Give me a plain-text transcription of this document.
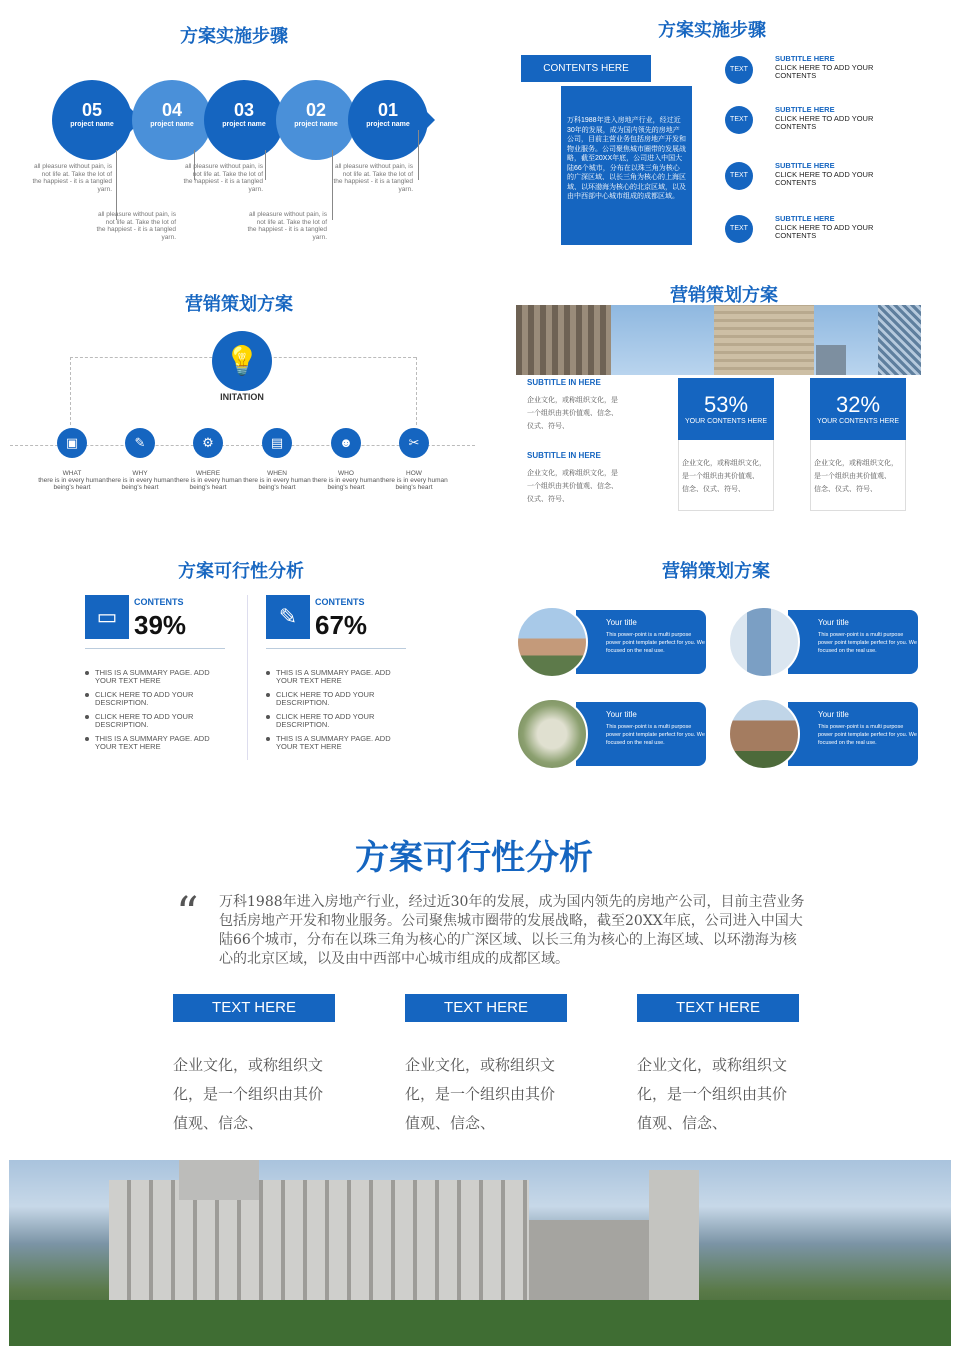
方案实施步骤
05
project name
04
project name
03
project name
02
project name
01
project name
all pleasure without pain, is not life at. Take the lot of the happiest - it is a tangled yarn.
all pleasure without pain, is not life at. Take the lot of the happiest - it is a tangled yarn.
all pleasure without pain, is not life at. Take the lot of the happiest - it is a tangled yarn.
all pleasure without pain, is not life at. Take the lot of the happiest - it is a tangled yarn.
all pleasure without pain, is not life at. Take the lot of the happiest - it is a tangled yarn.
方案实施步骤
CONTENTS HERE
万科1988年进入房地产行业，经过近30年的发展，成为国内领先的房地产公司，目前主营业务包括房地产开发和物业服务。公司聚焦城市圈带的发展战略，截至20XX年底，公司进入中国大陆66个城市，分布在以珠三角为核心的广深区域、以长三角为核心的上海区域、以环渤海为核心的北京区域，以及由中西部中心城市组成的成都区域。
TEXT
SUBTITLE HERE
CLICK HERE TO ADD YOUR CONTENTS
TEXT
SUBTITLE HERE
CLICK HERE TO ADD YOUR CONTENTS
TEXT
SUBTITLE HERE
CLICK HERE TO ADD YOUR CONTENTS
TEXT
SUBTITLE HERE
CLICK HERE TO ADD YOUR CONTENTS
营销策划方案
💡
INITATION
▣
WHAT
there is in every human being's heart
✎
WHY
there is in every human being's heart
⚙
WHERE
there is in every human being's heart
▤
WHEN
there is in every human being's heart
☻
WHO
there is in every human being's heart
✂
HOW
there is in every human being's heart
营销策划方案
SUBTITLE IN HERE
企业文化，或称组织文化，是
一个组织由其价值观、信念、
仪式、符号、
SUBTITLE IN HERE
企业文化，或称组织文化，是
一个组织由其价值观、信念、
仪式、符号、
53%
YOUR CONTENTS HERE
企业文化，或称组织文化，
是一个组织由其价值观、
信念、仪式、符号、
32%
YOUR CONTENTS HERE
企业文化，或称组织文化，
是一个组织由其价值观、
信念、仪式、符号、
方案可行性分析
▭
CONTENTS
39%
THIS IS A SUMMARY PAGE. ADD YOUR TEXT HERE
CLICK HERE TO ADD YOUR DESCRIPTION.
CLICK HERE TO ADD YOUR DESCRIPTION.
THIS IS A SUMMARY PAGE. ADD YOUR TEXT HERE
✎
CONTENTS
67%
THIS IS A SUMMARY PAGE. ADD YOUR TEXT HERE
CLICK HERE TO ADD YOUR DESCRIPTION.
CLICK HERE TO ADD YOUR DESCRIPTION.
THIS IS A SUMMARY PAGE. ADD YOUR TEXT HERE
营销策划方案
Your title
This power-point is a multi purpose power point template perfect for you. We focused on the real use.
Your title
This power-point is a multi purpose power point template perfect for you. We focused on the real use.
Your title
This power-point is a multi purpose power point template perfect for you. We focused on the real use.
Your title
This power-point is a multi purpose power point template perfect for you. We focused on the real use.
方案可行性分析
“ 万科1988年进入房地产行业，经过近30年的发展，成为国内领先的房地产公司，目前主营业务包括房地产开发和物业服务。公司聚焦城市圈带的发展战略，截至20XX年底，公司进入中国大陆66个城市，分布在以珠三角为核心的广深区域、以长三角为核心的上海区域、以环渤海为核心的北京区域，以及由中西部中心城市组成的成都区域。
TEXT HERE
企业文化，或称组织文
化，是一个组织由其价
值观、信念、
TEXT HERE
企业文化，或称组织文
化，是一个组织由其价
值观、信念、
TEXT HERE
企业文化，或称组织文
化，是一个组织由其价
值观、信念、
